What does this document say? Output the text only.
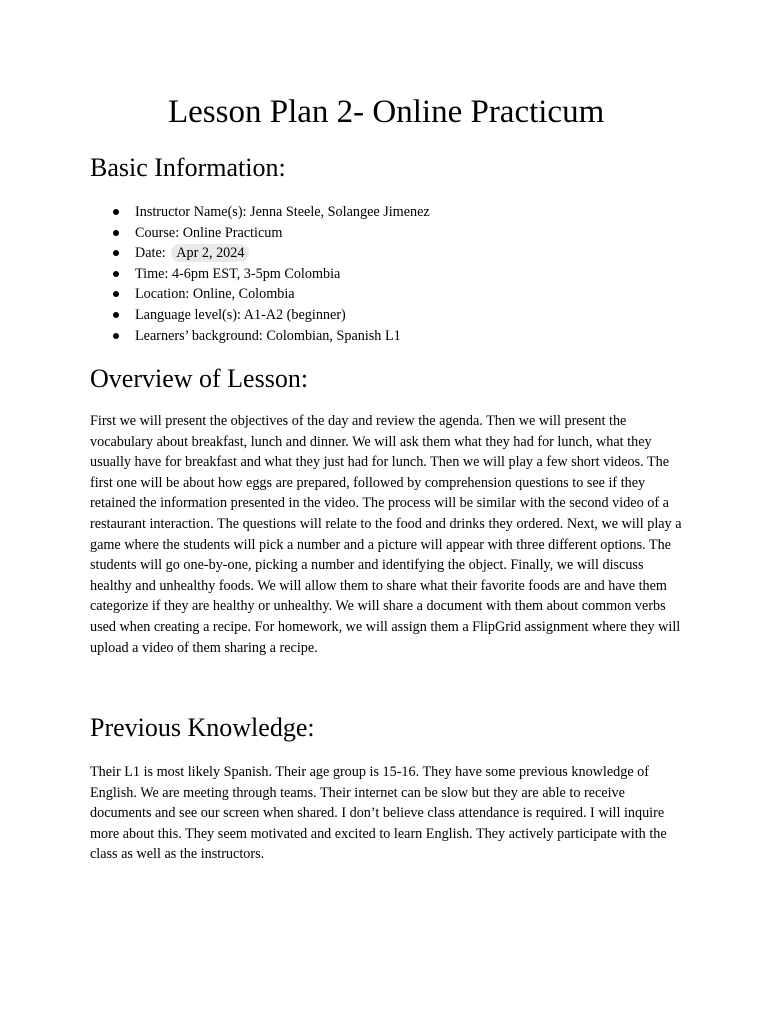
Lesson Plan 2- Online Practicum
Basic Information:
Instructor Name(s): Jenna Steele, Solangee Jimenez
Course: Online Practicum
Date: Apr 2, 2024
Time: 4-6pm EST, 3-5pm Colombia
Location: Online, Colombia
Language level(s): A1-A2 (beginner)
Learners’ background: Colombian, Spanish L1
Overview of Lesson:

First we will present the objectives of the day and review the agenda. Then we will present the vocabulary about breakfast, lunch and dinner. We will ask them what they had for lunch, what they usually have for breakfast and what they just had for lunch. Then we will play a few short videos. The first one will be about how eggs are prepared, followed by comprehension questions to see if they retained the information presented in the video. The process will be similar with the second video of a restaurant interaction. The questions will relate to the food and drinks they ordered. Next, we will play a game where the students will pick a number and a picture will appear with three different options. The students will go one-by-one, picking a number and identifying the object. Finally, we will discuss healthy and unhealthy foods. We will allow them to share what their favorite foods are and have them categorize if they are healthy or unhealthy. We will share a document with them about common verbs used when creating a recipe. For homework, we will assign them a FlipGrid assignment where they will upload a video of them sharing a recipe.

Previous Knowledge:

Their L1 is most likely Spanish. Their age group is 15-16. They have some previous knowledge of English. We are meeting through teams. Their internet can be slow but they are able to receive documents and see our screen when shared. I don’t believe class attendance is required. I will inquire more about this. They seem motivated and excited to learn English. They actively participate with the class as well as the instructors.
